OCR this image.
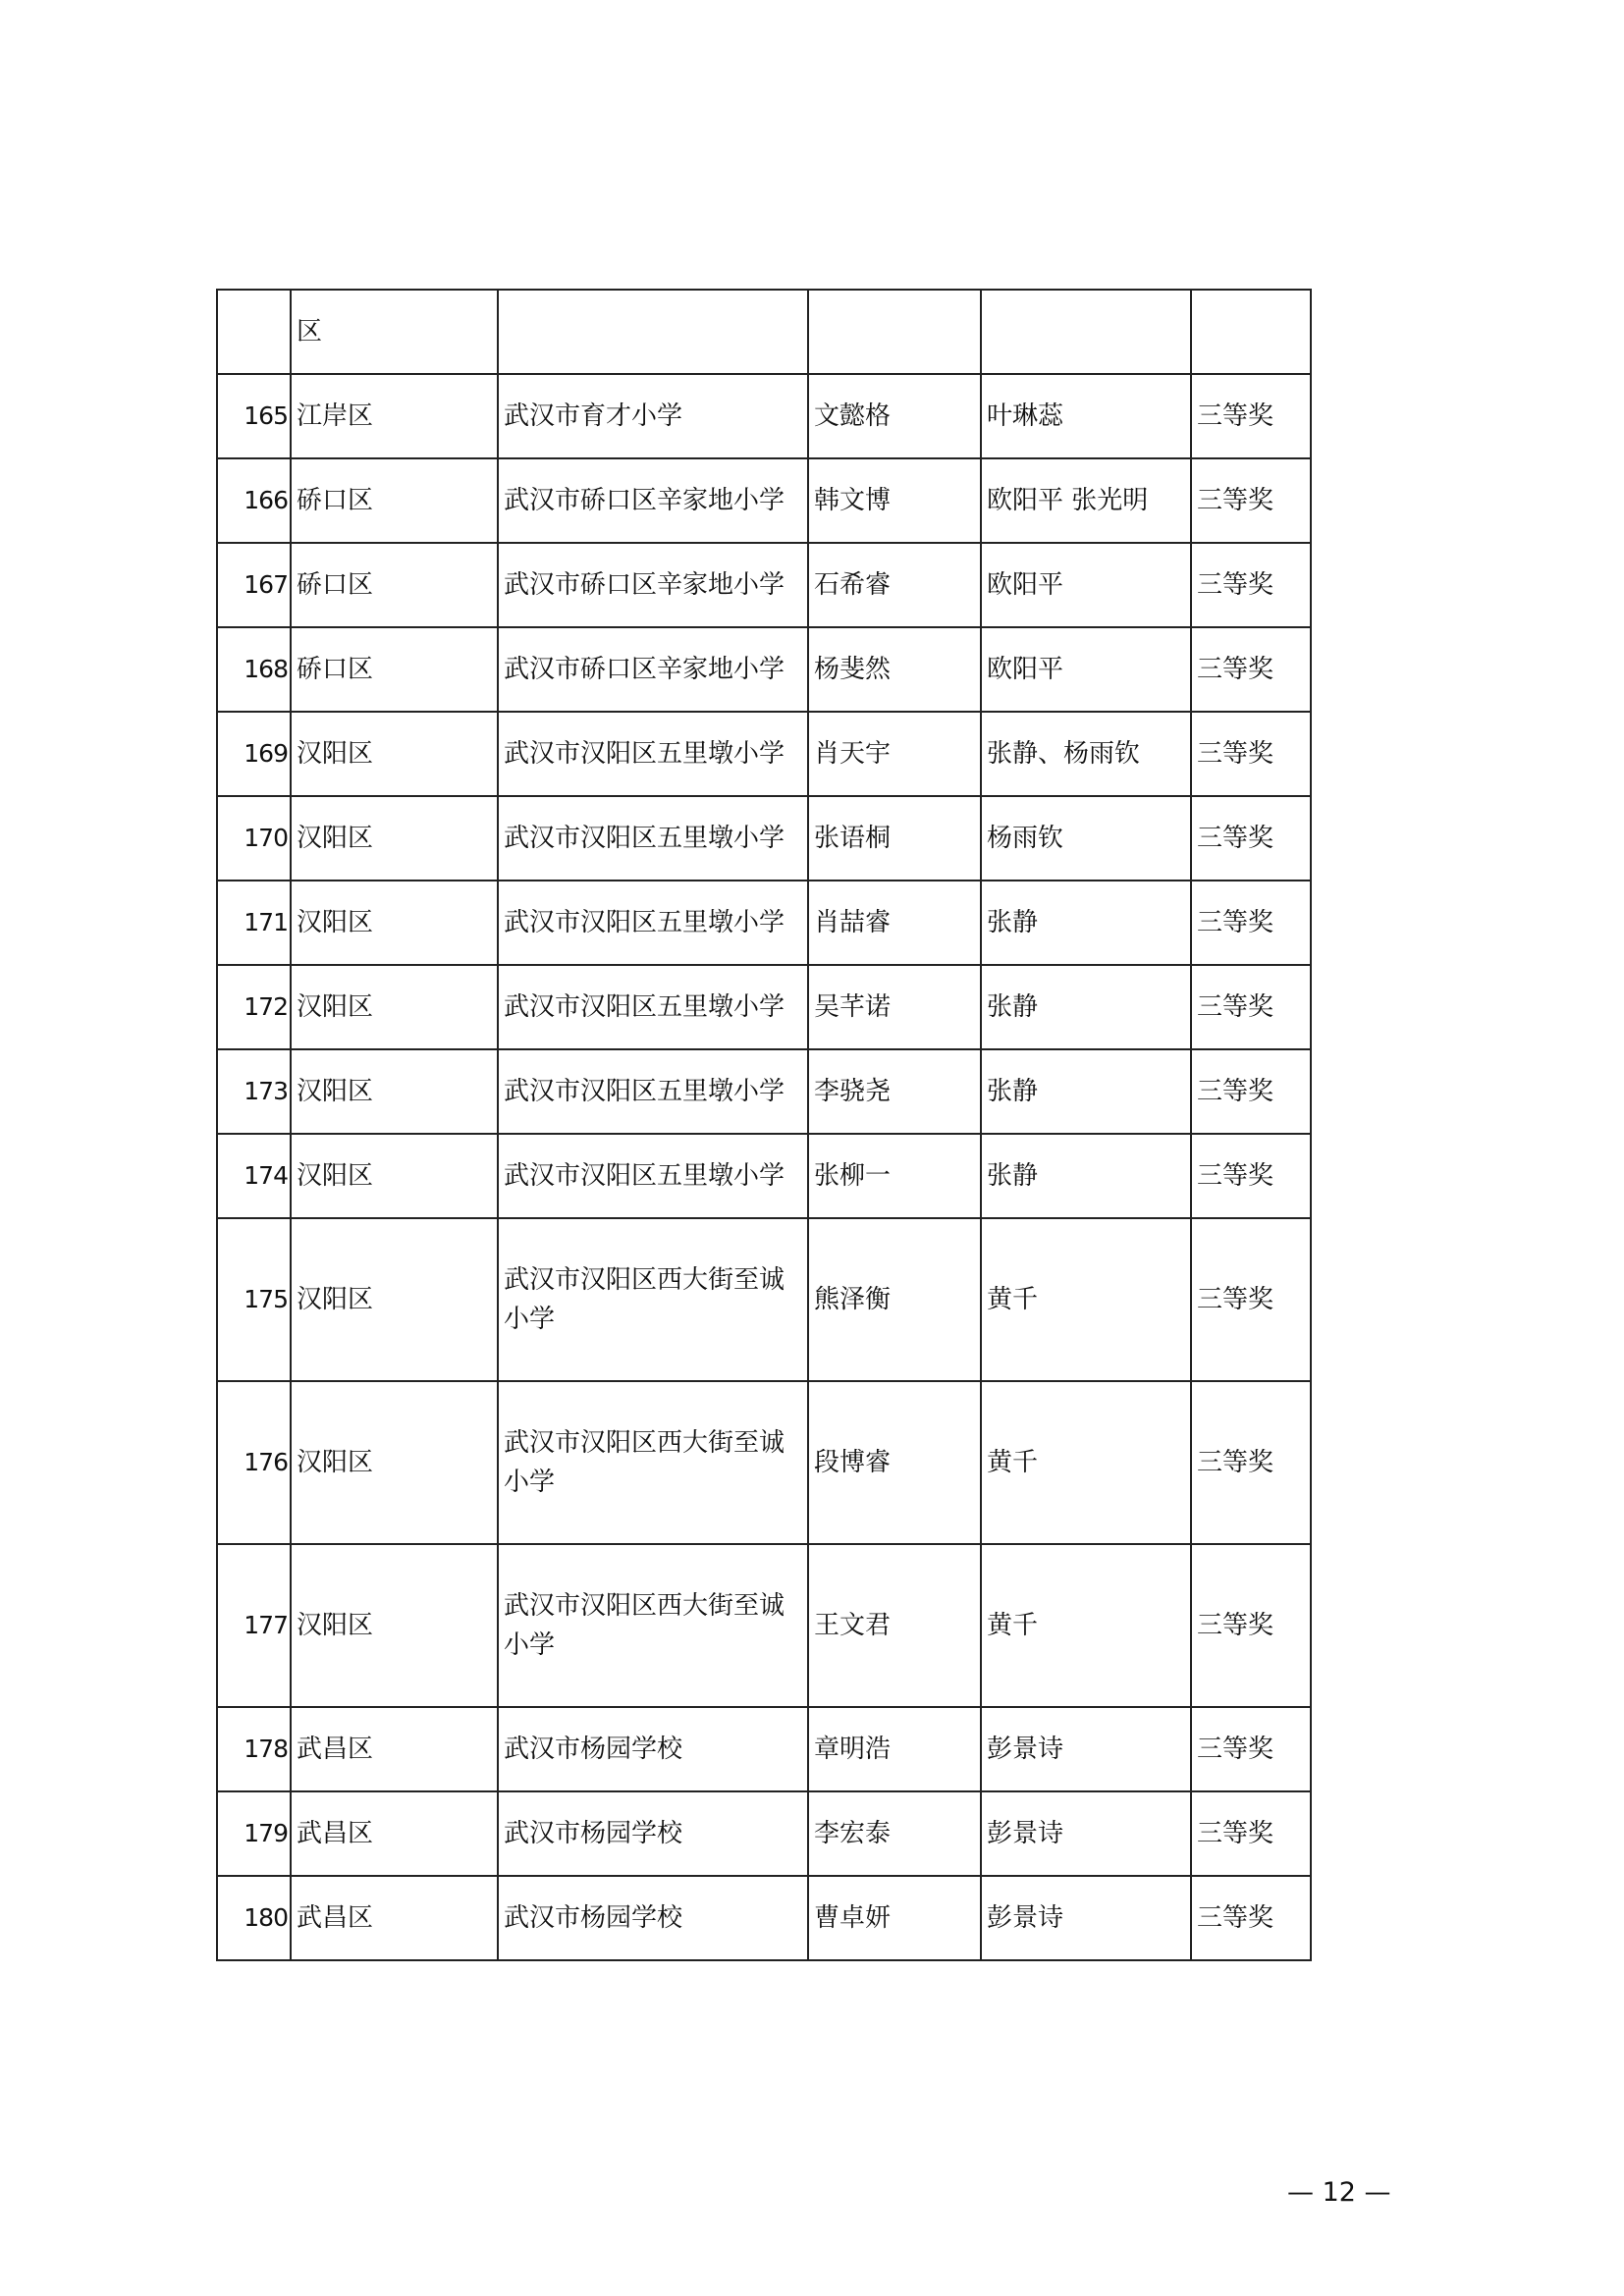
	区				
165	江岸区	武汉市育才小学	文懿格	叶琳蕊	三等奖
166	硚口区	武汉市硚口区辛家地小学	韩文博	欧阳平 张光明	三等奖
167	硚口区	武汉市硚口区辛家地小学	石希睿	欧阳平	三等奖
168	硚口区	武汉市硚口区辛家地小学	杨斐然	欧阳平	三等奖
169	汉阳区	武汉市汉阳区五里墩小学	肖天宇	张静、杨雨钦	三等奖
170	汉阳区	武汉市汉阳区五里墩小学	张语桐	杨雨钦	三等奖
171	汉阳区	武汉市汉阳区五里墩小学	肖喆睿	张静	三等奖
172	汉阳区	武汉市汉阳区五里墩小学	吴芊诺	张静	三等奖
173	汉阳区	武汉市汉阳区五里墩小学	李骁尧	张静	三等奖
174	汉阳区	武汉市汉阳区五里墩小学	张柳一	张静	三等奖
175	汉阳区	武汉市汉阳区西大街至诚小学	熊泽衡	黄千	三等奖
176	汉阳区	武汉市汉阳区西大街至诚小学	段博睿	黄千	三等奖
177	汉阳区	武汉市汉阳区西大街至诚小学	王文君	黄千	三等奖
178	武昌区	武汉市杨园学校	章明浩	彭景诗	三等奖
179	武昌区	武汉市杨园学校	李宏泰	彭景诗	三等奖
180	武昌区	武汉市杨园学校	曹卓妍	彭景诗	三等奖
— 12 —
